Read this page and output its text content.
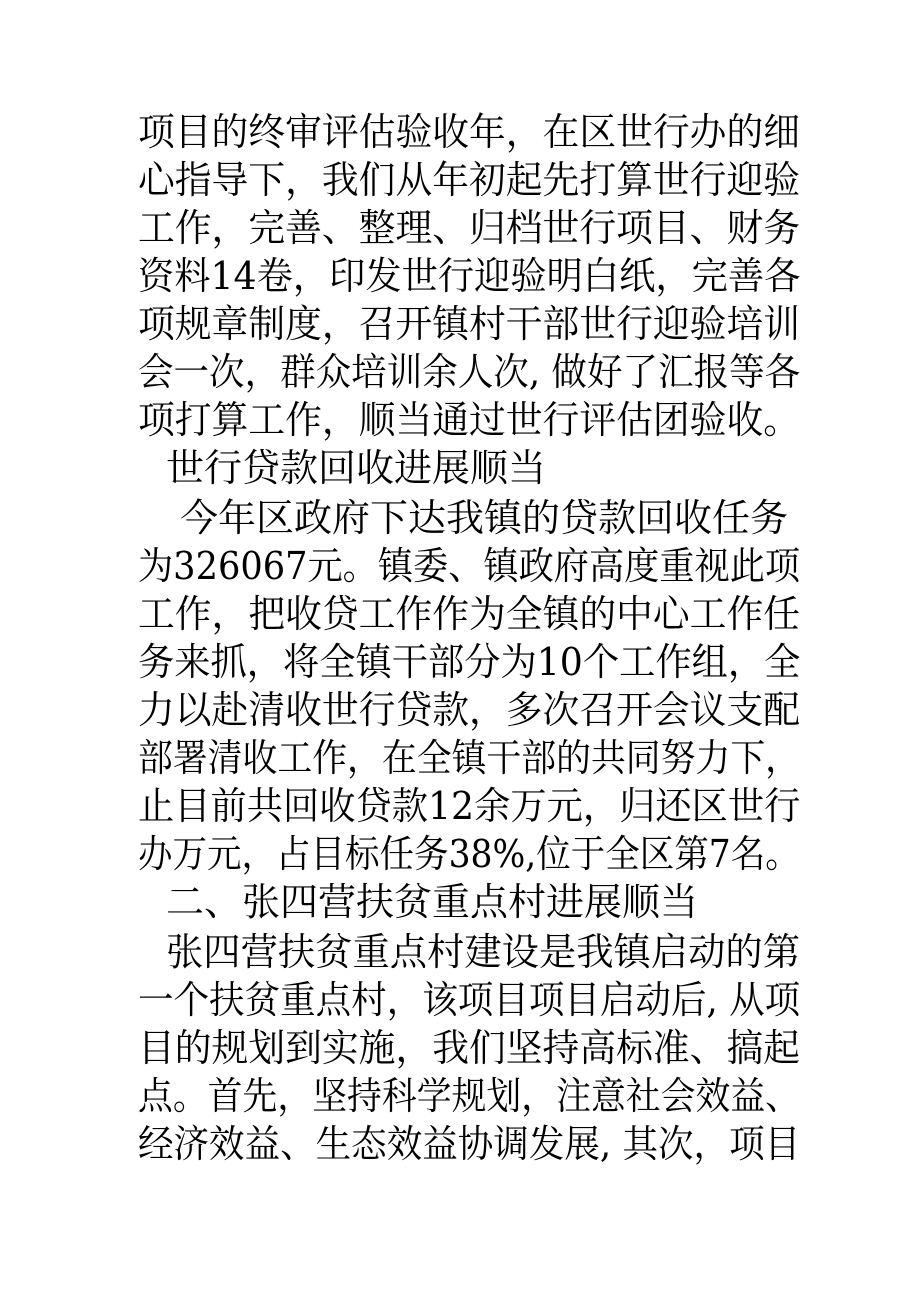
项目的终审评估验收年，在区世行办的细
心指导下，我们从年初起先打算世行迎验
工作，完善、整理、归档世行项目、财务
资料14卷，印发世行迎验明白纸，完善各
项规章制度，召开镇村干部世行迎验培训
会一次，群众培训余人次, 做好了汇报等各
项打算工作，顺当通过世行评估团验收。
世行贷款回收进展顺当
今年区政府下达我镇的贷款回收任务
为326067元。镇委、镇政府高度重视此项
工作，把收贷工作作为全镇的中心工作任
务来抓，将全镇干部分为10个工作组，全
力以赴清收世行贷款，多次召开会议支配
部署清收工作，在全镇干部的共同努力下，
止目前共回收贷款12余万元，归还区世行
办万元，占目标任务38%,位于全区第7名。
二、张四营扶贫重点村进展顺当
张四营扶贫重点村建设是我镇启动的第
一个扶贫重点村，该项目项目启动后, 从项
目的规划到实施，我们坚持高标准、搞起
点。首先，坚持科学规划，注意社会效益、
经济效益、生态效益协调发展, 其次，项目
